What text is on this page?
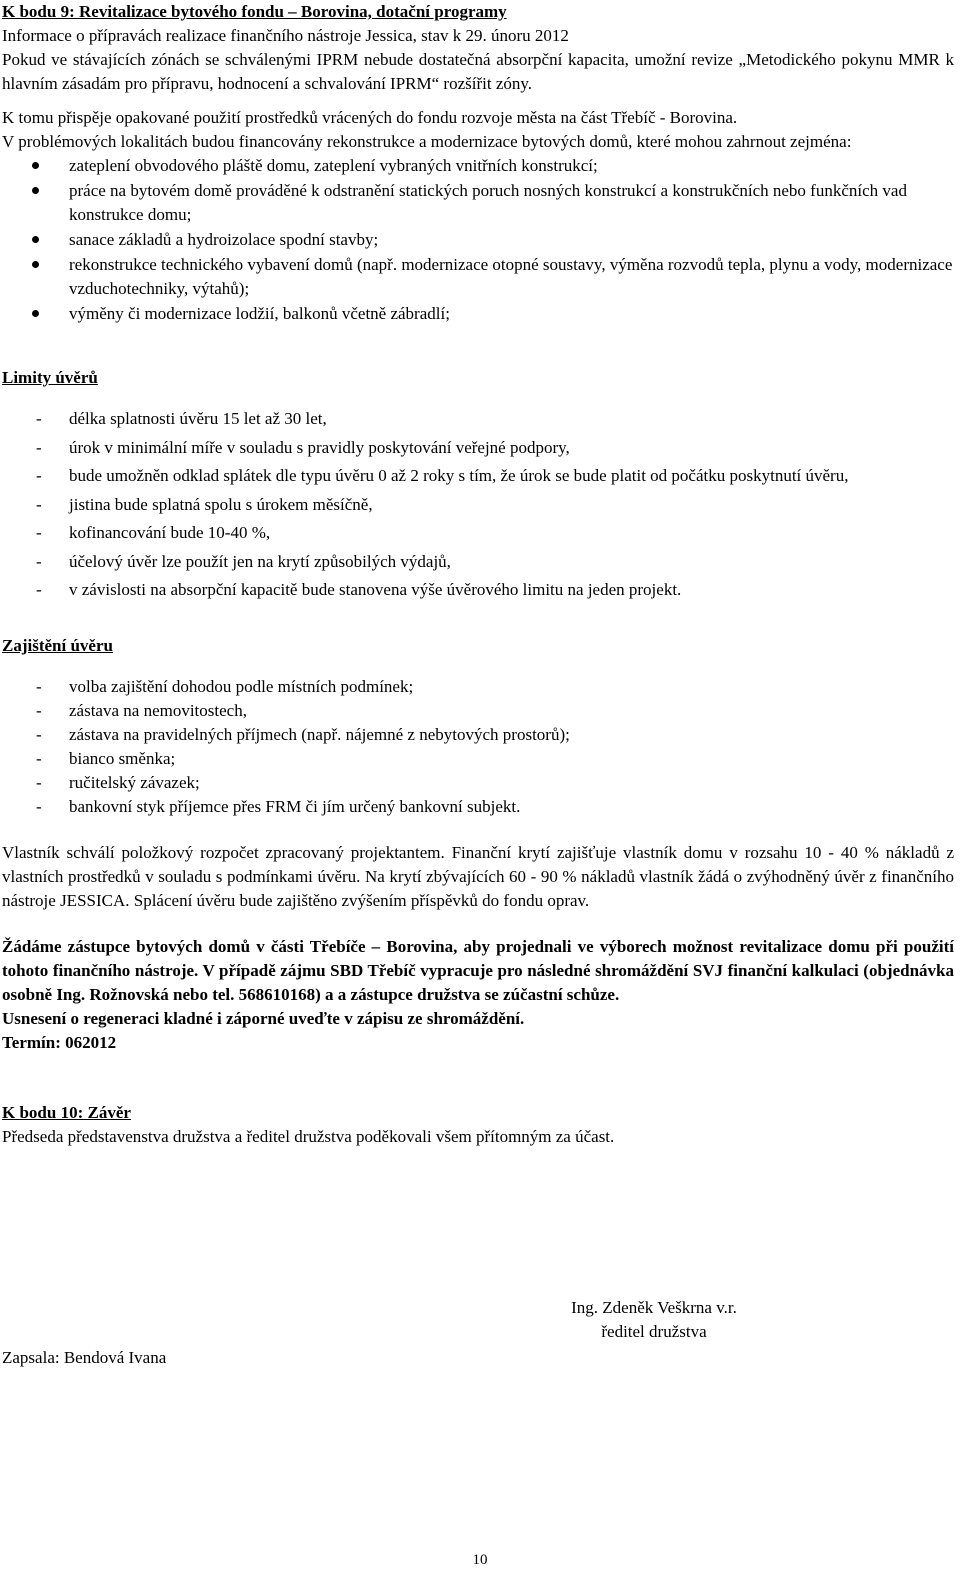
K bodu 9: Revitalizace bytového fondu – Borovina, dotační programy

Informace o přípravách realizace finančního nástroje Jessica, stav k 29. únoru 2012

Pokud ve stávajících zónách se schválenými IPRM nebude dostatečná absorpční kapacita, umožní revize „Metodického pokynu MMR k hlavním zásadám pro přípravu, hodnocení a schvalování IPRM“ rozšířit zóny.

K tomu přispěje opakované použití prostředků vrácených do fondu rozvoje města na část Třebíč - Borovina.

V problémových lokalitách budou financovány rekonstrukce a modernizace bytových domů, které mohou zahrnout zejména:

zateplení obvodového pláště domu, zateplení vybraných vnitřních konstrukcí;
práce na bytovém domě prováděné k odstranění statických poruch nosných konstrukcí a konstrukčních nebo funkčních vad konstrukce domu;
sanace základů a hydroizolace spodní stavby;
rekonstrukce technického vybavení domů (např. modernizace otopné soustavy, výměna rozvodů tepla, plynu a vody, modernizace vzduchotechniky, výtahů);
výměny či modernizace lodžií, balkonů včetně zábradlí;

Limity úvěrů

- délka splatnosti úvěru 15 let až 30 let,
- úrok v minimální míře v souladu s pravidly poskytování veřejné podpory,
- bude umožněn odklad splátek dle typu úvěru 0 až 2 roky s tím, že úrok se bude platit od počátku poskytnutí úvěru,
- jistina bude splatná spolu s úrokem měsíčně,
- kofinancování bude 10-40 %,
- účelový úvěr lze použít jen na krytí způsobilých výdajů,
- v závislosti na absorpční kapacitě bude stanovena výše úvěrového limitu na jeden projekt.

Zajištění úvěru

- volba zajištění dohodou podle místních podmínek;
- zástava na nemovitostech,
- zástava na pravidelných příjmech (např. nájemné z nebytových prostorů);
- bianco směnka;
- ručitelský závazek;
- bankovní styk příjemce přes FRM či jím určený bankovní subjekt.

Vlastník schválí položkový rozpočet zpracovaný projektantem. Finanční krytí zajišťuje vlastník domu v rozsahu 10 - 40 % nákladů z vlastních prostředků v souladu s podmínkami úvěru. Na krytí zbývajících 60 - 90 % nákladů vlastník žádá o zvýhodněný úvěr z finančního nástroje JESSICA. Splácení úvěru bude zajištěno zvýšením příspěvků do fondu oprav.

Žádáme zástupce bytových domů v části Třebíče – Borovina, aby projednali ve výborech možnost revitalizace domu při použití tohoto finančního nástroje. V případě zájmu SBD Třebíč vypracuje pro následné shromáždění SVJ finanční kalkulaci (objednávka osobně Ing. Rožnovská nebo tel. 568610168) a a zástupce družstva se zúčastní schůze.

Usnesení o regeneraci kladné i záporné uveďte v zápisu ze shromáždění.

Termín: 062012

K bodu 10: Závěr

Předseda představenstva družstva a ředitel družstva poděkovali všem přítomným za účast.

Ing. Zdeněk Veškrna v.r.
ředitel družstva
Zapsala: Bendová Ivana
10
